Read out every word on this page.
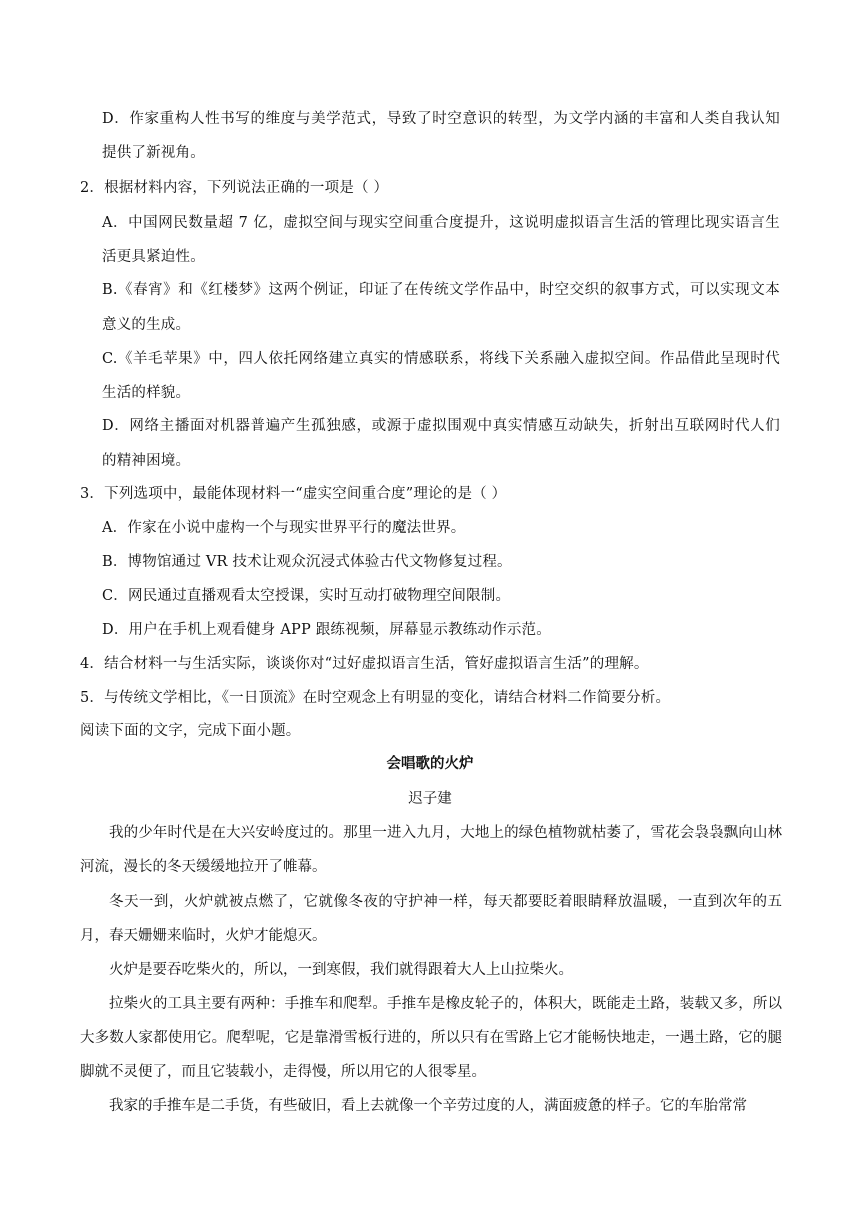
D．作家重构人性书写的维度与美学范式，导致了时空意识的转型，为文学内涵的丰富和人类自我认知
提供了新视角。
2．根据材料内容，下列说法正确的一项是（ ）
A．中国网民数量超 7 亿，虚拟空间与现实空间重合度提升，这说明虚拟语言生活的管理比现实语言生
活更具紧迫性。
B.《春宵》和《红楼梦》这两个例证，印证了在传统文学作品中，时空交织的叙事方式，可以实现文本
意义的生成。
C.《羊毛苹果》中，四人依托网络建立真实的情感联系，将线下关系融入虚拟空间。作品借此呈现时代
生活的样貌。
D．网络主播面对机器普遍产生孤独感，或源于虚拟围观中真实情感互动缺失，折射出互联网时代人们
的精神困境。
3．下列选项中，最能体现材料一“虚实空间重合度”理论的是（ ）
A．作家在小说中虚构一个与现实世界平行的魔法世界。
B．博物馆通过 VR 技术让观众沉浸式体验古代文物修复过程。
C．网民通过直播观看太空授课，实时互动打破物理空间限制。
D．用户在手机上观看健身 APP 跟练视频，屏幕显示教练动作示范。
4．结合材料一与生活实际，谈谈你对“过好虚拟语言生活，管好虚拟语言生活”的理解。
5．与传统文学相比，《一日顶流》在时空观念上有明显的变化，请结合材料二作简要分析。
阅读下面的文字，完成下面小题。
会唱歌的火炉
迟子建
我的少年时代是在大兴安岭度过的。那里一进入九月，大地上的绿色植物就枯萎了，雪花会袅袅飘向山林河流，漫长的冬天缓缓地拉开了帷幕。
冬天一到，火炉就被点燃了，它就像冬夜的守护神一样，每天都要眨着眼睛释放温暖，一直到次年的五月，春天姗姗来临时，火炉才能熄灭。
火炉是要吞吃柴火的，所以，一到寒假，我们就得跟着大人上山拉柴火。
拉柴火的工具主要有两种：手推车和爬犁。手推车是橡皮轮子的，体积大，既能走土路，装载又多，所以大多数人家都使用它。爬犁呢，它是靠滑雪板行进的，所以只有在雪路上它才能畅快地走，一遇土路，它的腿脚就不灵便了，而且它装载小，走得慢，所以用它的人很零星。
我家的手推车是二手货，有些破旧，看上去就像一个辛劳过度的人，满面疲惫的样子。它的车胎常常
